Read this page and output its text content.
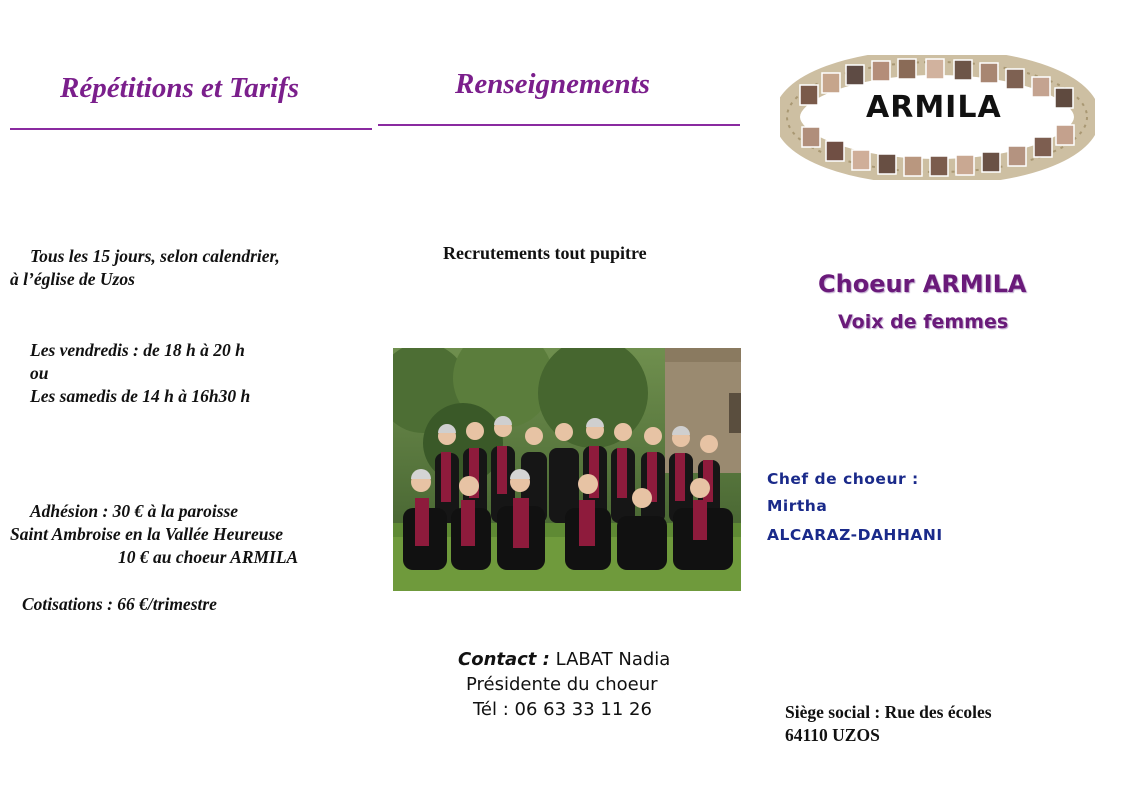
Répétitions et Tarifs
Tous les 15 jours, selon calendrier,
à l’église de Uzos
Les vendredis : de 18 h à 20 h
ou
Les samedis de 14 h à 16h30 h
Adhésion : 30 € à la paroisse
Saint Ambroise en la Vallée Heureuse
10 € au choeur ARMILA
Cotisations : 66 €/trimestre
Renseignements
Recrutements tout pupitre
Contact : LABAT Nadia
Présidente du choeur
Tél : 06 63 33 11 26
ARMILA
Choeur ARMILA
Voix de femmes
Chef de choeur :
Mirtha
ALCARAZ-DAHHANI
Siège social : Rue des écoles
64110 UZOS
